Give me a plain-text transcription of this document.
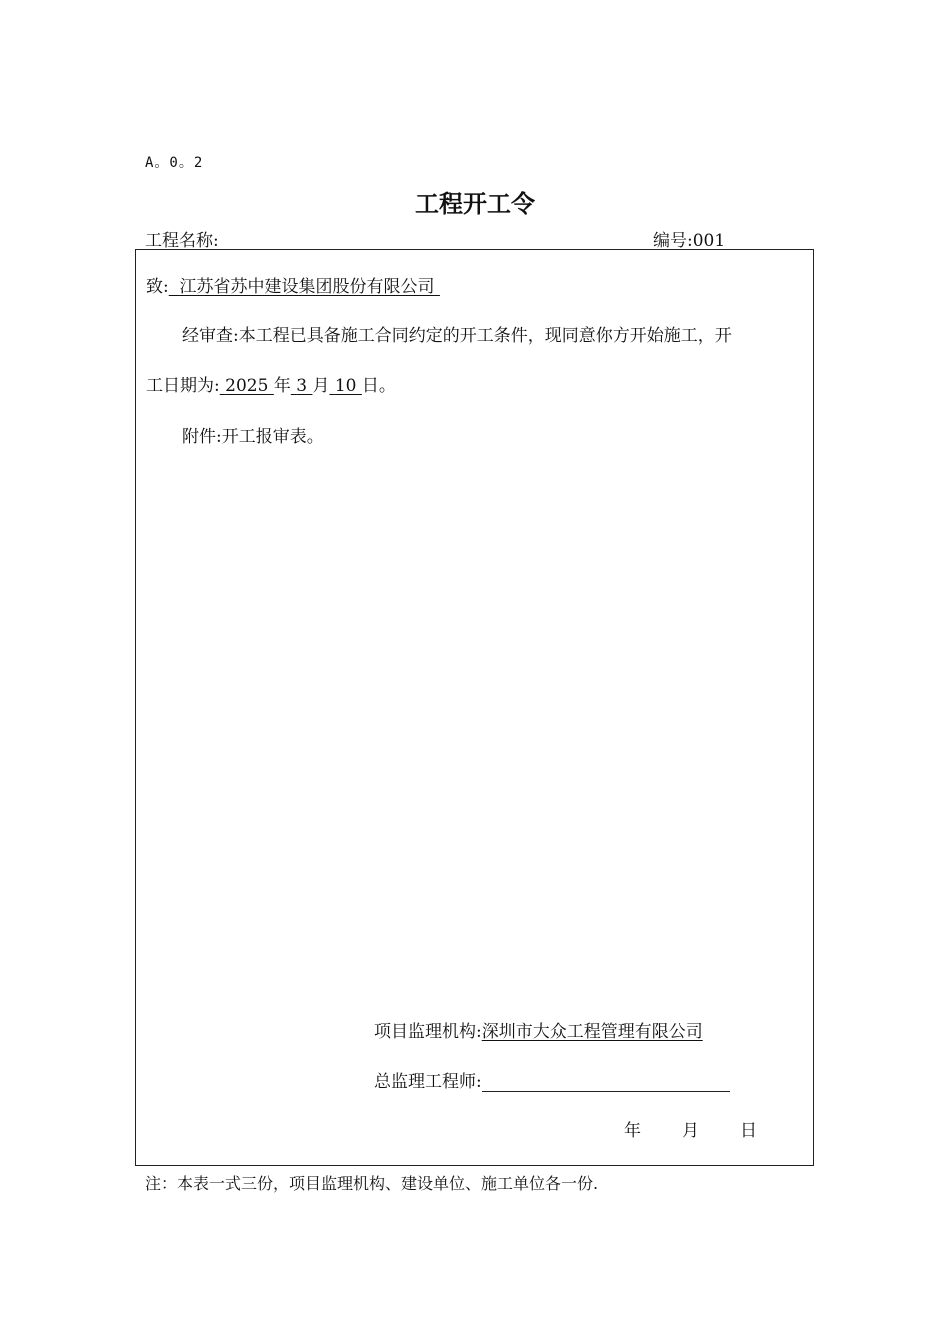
A。0。2
工程开工令
工程名称:	编号:001
致: 江苏省苏中建设集团股份有限公司
经审查:本工程已具备施工合同约定的开工条件，现同意你方开始施工，开
工日期为: 2025 年 3 月 10 日。
附件:开工报审表。
项目监理机构:深圳市大众工程管理有限公司
总监理工程师:
年 月 日
注：本表一式三份，项目监理机构、建设单位、施工单位各一份.
